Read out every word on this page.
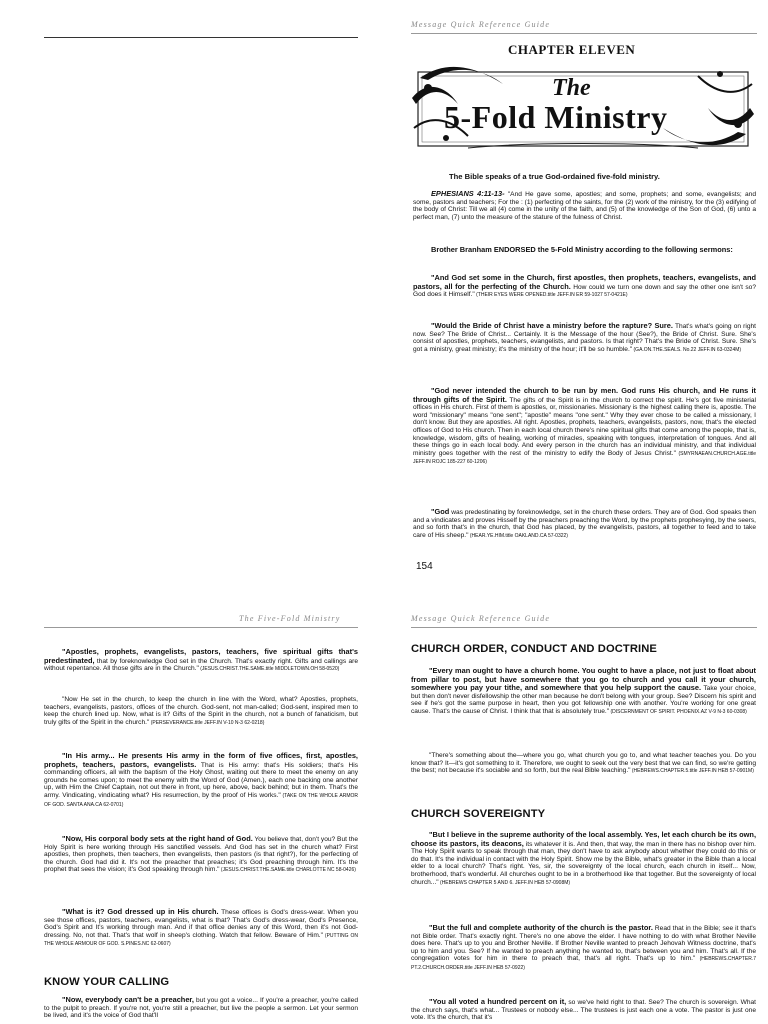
Message Quick Reference Guide

CHAPTER ELEVEN

The

5-Fold Ministry

The Bible speaks of a true God-ordained five-fold ministry.

EPHESIANS 4:11-13- "And He gave some, apostles; and some, prophets; and some, evangelists; and some, pastors and teachers; For the : (1) perfecting of the saints, for the (2) work of the ministry, for the (3) edifying of the body of Christ: Till we all (4) come in the unity of the faith, and (5) of the knowledge of the Son of God, (6) unto a perfect man, (7) unto the measure of the stature of the fulness of Christ.

Brother Branham ENDORSED the 5-Fold Ministry according to the following sermons:

"And God set some in the Church, first apostles, then prophets, teachers, evangelists, and pastors, all for the perfecting of the Church. How could we turn one down and say the other one isn't so? God does it Himself." (THEIR EYES WERE OPENED.title JEFF.IN ER 59-1027 57-0421E)

"Would the Bride of Christ have a ministry before the rapture? Sure. That's what's going on right now. See? The Bride of Christ... Certainly. It is the Message of the hour (See?), the Bride of Christ. Sure. She's consist of apostles, prophets, teachers, evangelists, and pastors. Is that right? That's the Bride of Christ. Sure. She's got a ministry, great ministry; it's the ministry of the hour; it'll be so humble." (GA.ON.THE.SEALS. No.22 JEFF.IN 63-0324M)

"God never intended the church to be run by men. God runs His church, and He runs it through gifts of the Spirit. The gifts of the Spirit is in the church to correct the spirit. He's got five ministerial offices in His church. First of them is apostles, or, missionaries. Missionary is the highest calling there is, apostle. The word "missionary" means "one sent"; "apostle" means "one sent." Why they ever chose to be called a missionary, I don't know. But they are apostles. All right. Apostles, prophets, teachers, evangelists, pastors, now, that's the elected offices of God to His church. Then in each local church there's nine spiritual gifts that come among the people, that is, knowledge, wisdom, gifts of healing, working of miracles, speaking with tongues, interpretation of tongues. And all these things go in each local body. And every person in the church has an individual ministry, and that individual ministry goes together with the rest of the ministry to edify the Body of Jesus Christ." (SMYRNAEAN.CHURCH.AGE.title JEFF.IN ROJC 185-227 60-1206)

"God was predestinating by foreknowledge, set in the church these orders. They are of God. God speaks then and a vindicates and proves Hisself by the preachers preaching the Word, by the prophets prophesying, by the seers, and so forth that's in the church, that God has placed, by the evangelists, pastors, all together to feed and to take care of His sheep." (HEAR.YE.HIM.title OAKLAND.CA 57-0322)

154

The Five-Fold Ministry

"Apostles, prophets, evangelists, pastors, teachers, five spiritual gifts that's predestinated, that by foreknowledge God set in the Church. That's exactly right. Gifts and callings are without repentance. All those gifts are in the Church." (JESUS.CHRIST.THE.SAME.title MIDDLETOWN.OH 58-0520)

"Now He set in the church, to keep the church in line with the Word, what? Apostles, prophets, teachers, evangelists, pastors, offices of the church. God-sent, not man-called; God-sent, inspired men to keep the church lined up. Now, what is it? Gifts of the Spirit in the church, not a bunch of fanaticism, but truly gifts of the Spirit in the church." (PERSEVERANCE.title JEFF.IN V-10 N-3 62-0218)

"In His army... He presents His army in the form of five offices, first, apostles, prophets, teachers, pastors, evangelists. That is His army: that's His soldiers; that's His commanding officers, all with the baptism of the Holy Ghost, waiting out there to meet the enemy on any grounds he comes upon; to meet the enemy with the Word of God (Amen.), each one backing one another up, with Him the Chief Captain, not out there in front, up here, above, back behind; but in them. That's the army. Vindicating, vindicating what? His resurrection, by the proof of His works." (TAKE ON THE WHOLE ARMOR OF GOD. SANTA ANA.CA 62-0701)

"Now, His corporal body sets at the right hand of God. You believe that, don't you? But the Holy Spirit is here working through His sanctified vessels. And God has set in the church what? First apostles, then prophets, then teachers, then evangelists, then pastors (is that right?), for the perfecting of the church. God had did it. It's not the preacher that preaches; it's God preaching through him. It's the prophet that sees the vision; it's God speaking through him." (JESUS.CHRIST.THE.SAME.title CHARLOTTE NC 58-0426)

"What is it? God dressed up in His church. These offices is God's dress-wear. When you see those offices, pastors, teachers, evangelists, what is that? That's God's dress-wear, God's Presence, God's Spirit and It's working through man. And if that office denies any of this Word, then it's not God-dressing. No, not that. That's that wolf in sheep's clothing. Watch that fellow. Beware of Him." (PUTTING ON THE WHOLE ARMOUR OF GOD. S.PINES.NC 62-0607)

KNOW YOUR CALLING

"Now, everybody can't be a preacher, but you got a voice... If you're a preacher, you're called to the pulpit to preach. If you're not, you're still a preacher, but live the people a sermon. Let your sermon be lived, and it's the voice of God that'll

Message Quick Reference Guide

CHURCH ORDER, CONDUCT AND DOCTRINE

"Every man ought to have a church home. You ought to have a place, not just to float about from pillar to post, but have somewhere that you go to church and you call it your church, somewhere you pay your tithe, and somewhere that you help support the cause. Take your choice, but then don't never disfellowship the other man because he don't belong with your group. See? Discern his spirit and see if he's got the same purpose in heart, then you got fellowship one with another. You're working for one great cause. That's the cause of Christ. I think that that is absolutely true." (DISCERNMENT OF SPIRIT. PHOENIX.AZ V-9 N-3 60-0308)

"There's something about the—where you go, what church you go to, and what teacher teaches you. Do you know that? It—it's got something to it. Therefore, we ought to seek out the very best that we can find, so we're getting the best; not because it's sociable and so forth, but the real Bible teaching." (HEBREWS.CHAPTER.5.title JEFF.IN HEB 57-0901M)

CHURCH SOVEREIGNTY

"But I believe in the supreme authority of the local assembly. Yes, let each church be its own, choose its pastors, its deacons, its whatever it is. And then, that way, the man in there has no bishop over him. The Holy Spirit wants to speak through that man, they don't have to ask anybody about whether they could do this or do that. It's the individual in contact with the Holy Spirit. Show me by the Bible, what's greater in the Bible than a local elder to a local church? That's right. Yes, sir, the sovereignty of the local church, each church in itself... Now, brotherhood, that's wonderful. All churches ought to be in a brotherhood like that together. But the sovereignty of local church..." (HEBREWS CHAPTER 5 AND 6. JEFF.IN HEB 57-0908M)

"But the full and complete authority of the church is the pastor. Read that in the Bible; see it that's not Bible order. That's exactly right. There's no one above the elder. I have nothing to do with what Brother Neville does here. That's up to you and Brother Neville. If Brother Neville wanted to preach Jehovah Witness doctrine, that's up to him and you. See? If he wanted to preach anything he wanted to, that's between you and him. That's all. If the congregation votes for him in there to preach that, that's all right. That's up to him." (HEBREWS.CHAPTER.7 PT.2.CHURCH.ORDER.title JEFF.IN HEB 57-0922)

"You all voted a hundred percent on it, so we've held right to that. See? The church is sovereign. What the church says, that's what... Trustees or nobody else... The trustees is just each one a vote. The pastor is just one vote. It's the church, that it's
